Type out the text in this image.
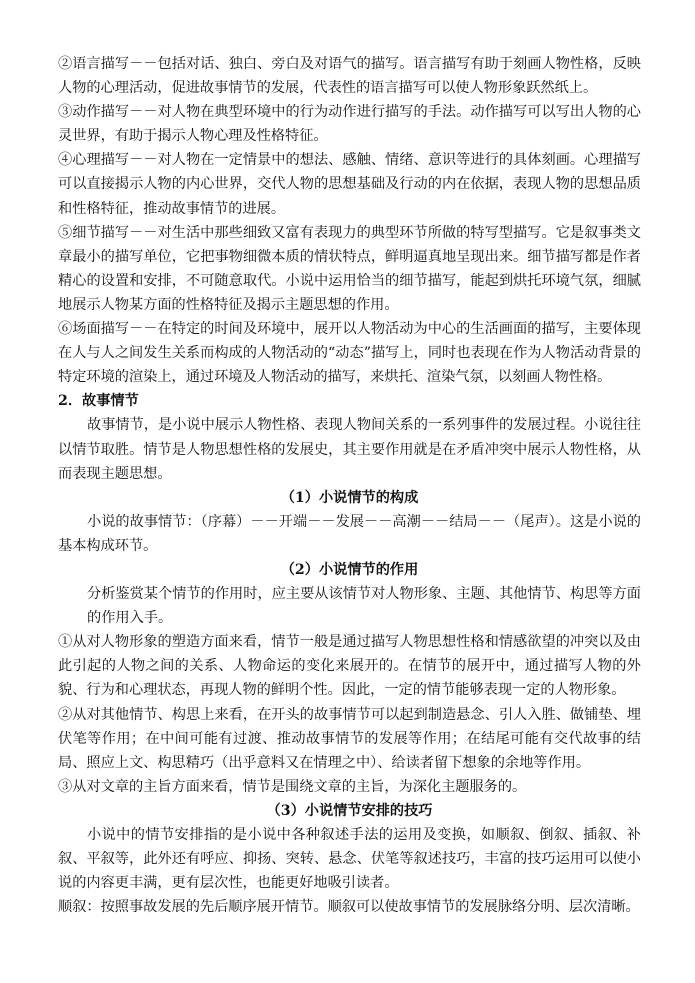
②语言描写－－包括对话、独白、旁白及对语气的描写。语言描写有助于刻画人物性格，反映人物的心理活动，促进故事情节的发展，代表性的语言描写可以使人物形象跃然纸上。

③动作描写－－对人物在典型环境中的行为动作进行描写的手法。动作描写可以写出人物的心灵世界，有助于揭示人物心理及性格特征。

④心理描写－－对人物在一定情景中的想法、感触、情绪、意识等进行的具体刻画。心理描写可以直接揭示人物的内心世界，交代人物的思想基础及行动的内在依据，表现人物的思想品质和性格特征，推动故事情节的进展。

⑤细节描写－－对生活中那些细致又富有表现力的典型环节所做的特写型描写。它是叙事类文章最小的描写单位，它把事物细微本质的情状特点，鲜明逼真地呈现出来。细节描写都是作者精心的设置和安排，不可随意取代。小说中运用恰当的细节描写，能起到烘托环境气氛，细腻地展示人物某方面的性格特征及揭示主题思想的作用。

⑥场面描写－－在特定的时间及环境中，展开以人物活动为中心的生活画面的描写，主要体现在人与人之间发生关系而构成的人物活动的“动态”描写上，同时也表现在作为人物活动背景的特定环境的渲染上，通过环境及人物活动的描写，来烘托、渲染气氛，以刻画人物性格。

2．故事情节

故事情节，是小说中展示人物性格、表现人物间关系的一系列事件的发展过程。小说往往以情节取胜。情节是人物思想性格的发展史，其主要作用就是在矛盾冲突中展示人物性格，从而表现主题思想。

（1）小说情节的构成

小说的故事情节：（序幕）－－开端－－发展－－高潮－－结局－－（尾声）。这是小说的基本构成环节。

（2）小说情节的作用

分析鉴赏某个情节的作用时，应主要从该情节对人物形象、主题、其他情节、构思等方面的作用入手。

①从对人物形象的塑造方面来看，情节一般是通过描写人物思想性格和情感欲望的冲突以及由此引起的人物之间的关系、人物命运的变化来展开的。在情节的展开中，通过描写人物的外貌、行为和心理状态，再现人物的鲜明个性。因此，一定的情节能够表现一定的人物形象。

②从对其他情节、构思上来看，在开头的故事情节可以起到制造悬念、引人入胜、做铺垫、埋伏笔等作用；在中间可能有过渡、推动故事情节的发展等作用；在结尾可能有交代故事的结局、照应上文、构思精巧（出乎意料又在情理之中）、给读者留下想象的余地等作用。

③从对文章的主旨方面来看，情节是围绕文章的主旨，为深化主题服务的。

（3）小说情节安排的技巧

小说中的情节安排指的是小说中各种叙述手法的运用及变换，如顺叙、倒叙、插叙、补叙、平叙等，此外还有呼应、抑扬、突转、悬念、伏笔等叙述技巧，丰富的技巧运用可以使小说的内容更丰满，更有层次性，也能更好地吸引读者。

顺叙：按照事故发展的先后顺序展开情节。顺叙可以使故事情节的发展脉络分明、层次清晰。
